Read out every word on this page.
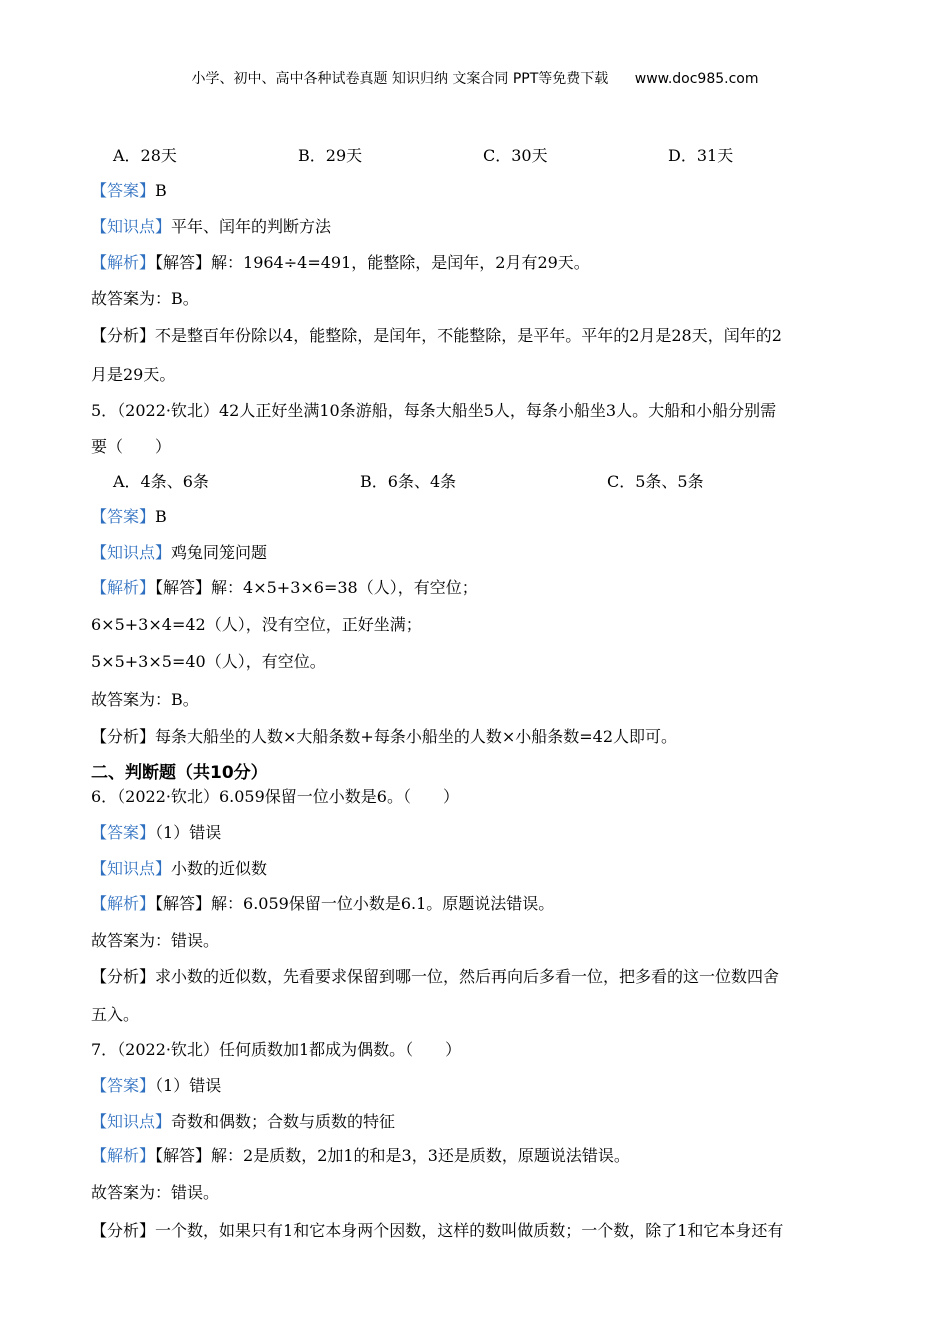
小学、初中、高中各种试卷真题 知识归纳 文案合同 PPT等免费下载 www.doc985.com
A．28天	B．29天	C．30天	D．31天
【答案】B
【知识点】平年、闰年的判断方法
【解析】【解答】解：1964÷4=491，能整除，是闰年，2月有29天。
故答案为：B。
【分析】不是整百年份除以4，能整除，是闰年，不能整除，是平年。平年的2月是28天，闰年的2
月是29天。
5．（2022·钦北）42人正好坐满10条游船，每条大船坐5人，每条小船坐3人。大船和小船分别需
要（　　）
A．4条、6条	B．6条、4条	C．5条、5条
【答案】B
【知识点】鸡兔同笼问题
【解析】【解答】解：4×5+3×6=38（人），有空位；
6×5+3×4=42（人），没有空位，正好坐满；
5×5+3×5=40（人），有空位。
故答案为：B。
【分析】每条大船坐的人数×大船条数+每条小船坐的人数×小船条数=42人即可。
二、判断题（共10分）
6．（2022·钦北）6.059保留一位小数是6。（　　）
【答案】（1）错误
【知识点】小数的近似数
【解析】【解答】解：6.059保留一位小数是6.1。原题说法错误。
故答案为：错误。
【分析】求小数的近似数，先看要求保留到哪一位，然后再向后多看一位，把多看的这一位数四舍
五入。
7．（2022·钦北）任何质数加1都成为偶数。（　　）
【答案】（1）错误
【知识点】奇数和偶数；合数与质数的特征
【解析】【解答】解：2是质数，2加1的和是3，3还是质数，原题说法错误。
故答案为：错误。
【分析】一个数，如果只有1和它本身两个因数，这样的数叫做质数；一个数，除了1和它本身还有
